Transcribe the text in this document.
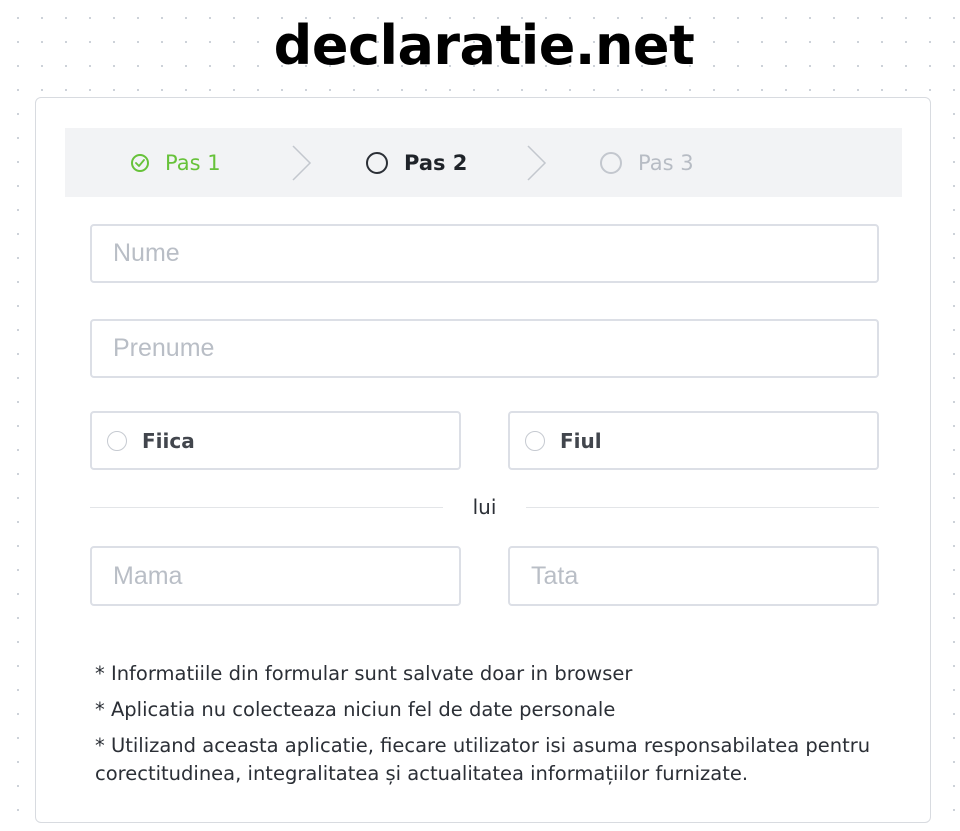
declaratie.net
Pas 1	Pas 2	Pas 3
Nume
Prenume
Fiica	Fiul
lui
Mama
Tata

* Informatiile din formular sunt salvate doar in browser

* Aplicatia nu colecteaza niciun fel de date personale

* Utilizand aceasta aplicatie, fiecare utilizator isi asuma responsabilatea pentru corectitudinea, integralitatea și actualitatea informațiilor furnizate.
